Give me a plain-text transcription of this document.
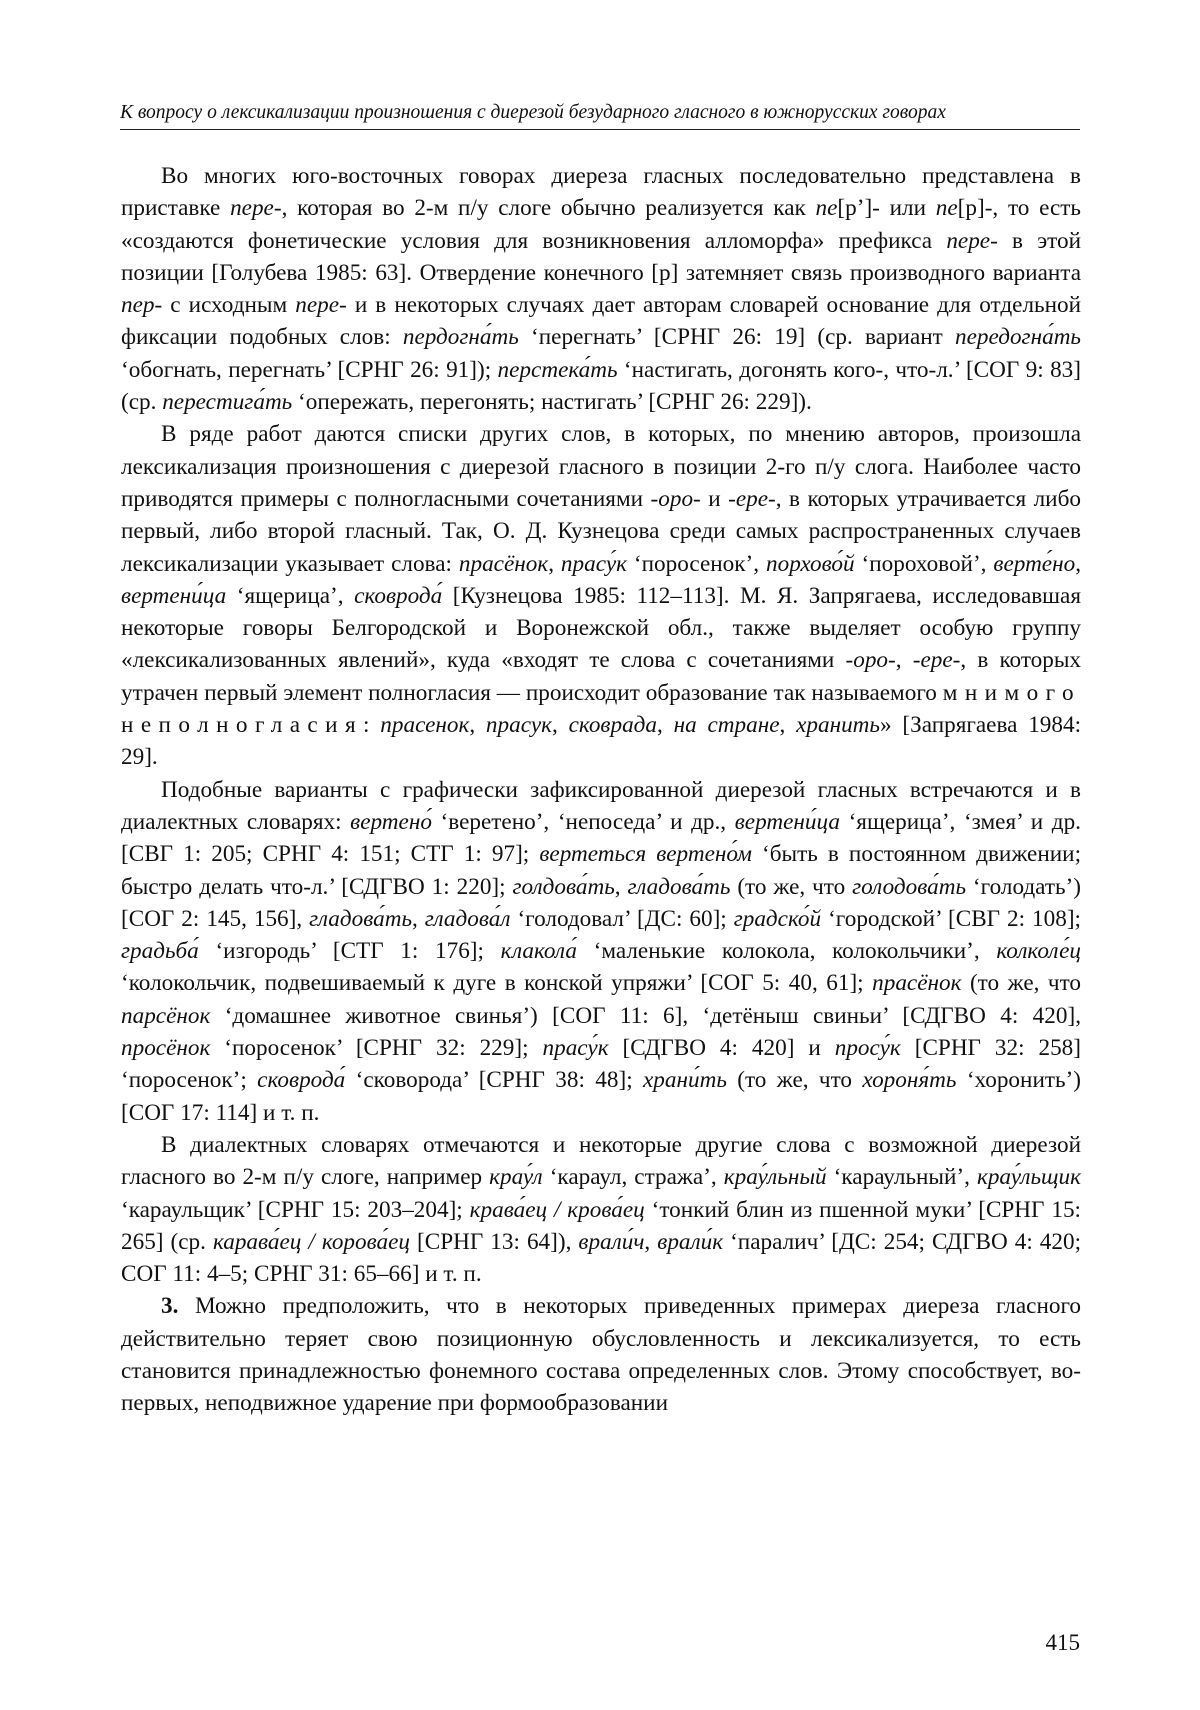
К вопросу о лексикализации произношения с диерезой безударного гласного в южнорусских говорах

Во многих юго-восточных говорах диереза гласных последовательно представлена в приставке пере-, которая во 2-м п/у слоге обычно реализуется как пе[р’]- или пе[р]-, то есть «создаются фонетические условия для возникновения алломорфа» префикса пере- в этой позиции [Голубева 1985: 63]. Отвердение конечного [р] затемняет связь производного варианта пер- с исходным пере- и в некоторых случаях дает авторам словарей основание для отдельной фиксации подобных слов: пердогна́ть ‘перегнать’ [СРНГ 26: 19] (ср. вариант передогна́ть ‘обогнать, перегнать’ [СРНГ 26: 91]); перстека́ть ‘настигать, догонять кого-, что-л.’ [СОГ 9: 83] (ср. перестига́ть ‘опережать, перегонять; настигать’ [СРНГ 26: 229]).

В ряде работ даются списки других слов, в которых, по мнению авторов, произошла лексикализация произношения с диерезой гласного в позиции 2-го п/у слога. Наиболее часто приводятся примеры с полногласными сочетаниями -оро- и -ере-, в которых утрачивается либо первый, либо второй гласный. Так, О. Д. Кузнецова среди самых распространенных случаев лексикализации указывает слова: прасёнок, прасу́к ‘поросенок’, порхово́й ‘пороховой’, верте́но, вертени́ца ‘ящерица’, сковрода́ [Кузнецова 1985: 112–113]. М. Я. Запрягаева, исследовавшая некоторые говоры Белгородской и Воронежской обл., также выделяет особую группу «лексикализованных явлений», куда «входят те слова с сочетаниями -оро-, -ере-, в которых утрачен первый элемент полногласия — происходит образование так называемого мнимого неполногласия: прасенок, прасук, сковрада, на стране, хранить» [Запрягаева 1984: 29].

Подобные варианты с графически зафиксированной диерезой гласных встречаются и в диалектных словарях: вертено́ ‘веретено’, ‘непоседа’ и др., вертени́ца ‘ящерица’, ‘змея’ и др. [СВГ 1: 205; СРНГ 4: 151; СТГ 1: 97]; вертеться вертено́м ‘быть в постоянном движении; быстро делать что-л.’ [СДГВО 1: 220]; голдова́ть, гладова́ть (то же, что голодова́ть ‘голодать’) [СОГ 2: 145, 156], гладова́ть, гладова́л ‘голодовал’ [ДС: 60]; градско́й ‘городской’ [СВГ 2: 108]; градьба́ ‘изгородь’ [СТГ 1: 176]; клакола́ ‘маленькие колокола, колокольчики’, колколе́ц ‘колокольчик, подвешиваемый к дуге в конской упряжи’ [СОГ 5: 40, 61]; прасёнок (то же, что парсёнок ‘домашнее животное свинья’) [СОГ 11: 6], ‘детёныш свиньи’ [СДГВО 4: 420], просёнок ‘поросенок’ [СРНГ 32: 229]; прасу́к [СДГВО 4: 420] и просу́к [СРНГ 32: 258] ‘поросенок’; сковрода́ ‘сковорода’ [СРНГ 38: 48]; храни́ть (то же, что хороня́ть ‘хоронить’) [СОГ 17: 114] и т. п.

В диалектных словарях отмечаются и некоторые другие слова с возможной диерезой гласного во 2-м п/у слоге, например крау́л ‘караул, стража’, крау́льный ‘караульный’, крау́льщик ‘караульщик’ [СРНГ 15: 203–204]; крава́ец / крова́ец ‘тонкий блин из пшенной муки’ [СРНГ 15: 265] (ср. карава́ец / корова́ец [СРНГ 13: 64]), врали́ч, врали́к ‘паралич’ [ДС: 254; СДГВО 4: 420; СОГ 11: 4–5; СРНГ 31: 65–66] и т. п.

3. Можно предположить, что в некоторых приведенных примерах диереза гласного действительно теряет свою позиционную обусловленность и лексикализуется, то есть становится принадлежностью фонемного состава определенных слов. Этому способствует, во-первых, неподвижное ударение при формообразовании

415
